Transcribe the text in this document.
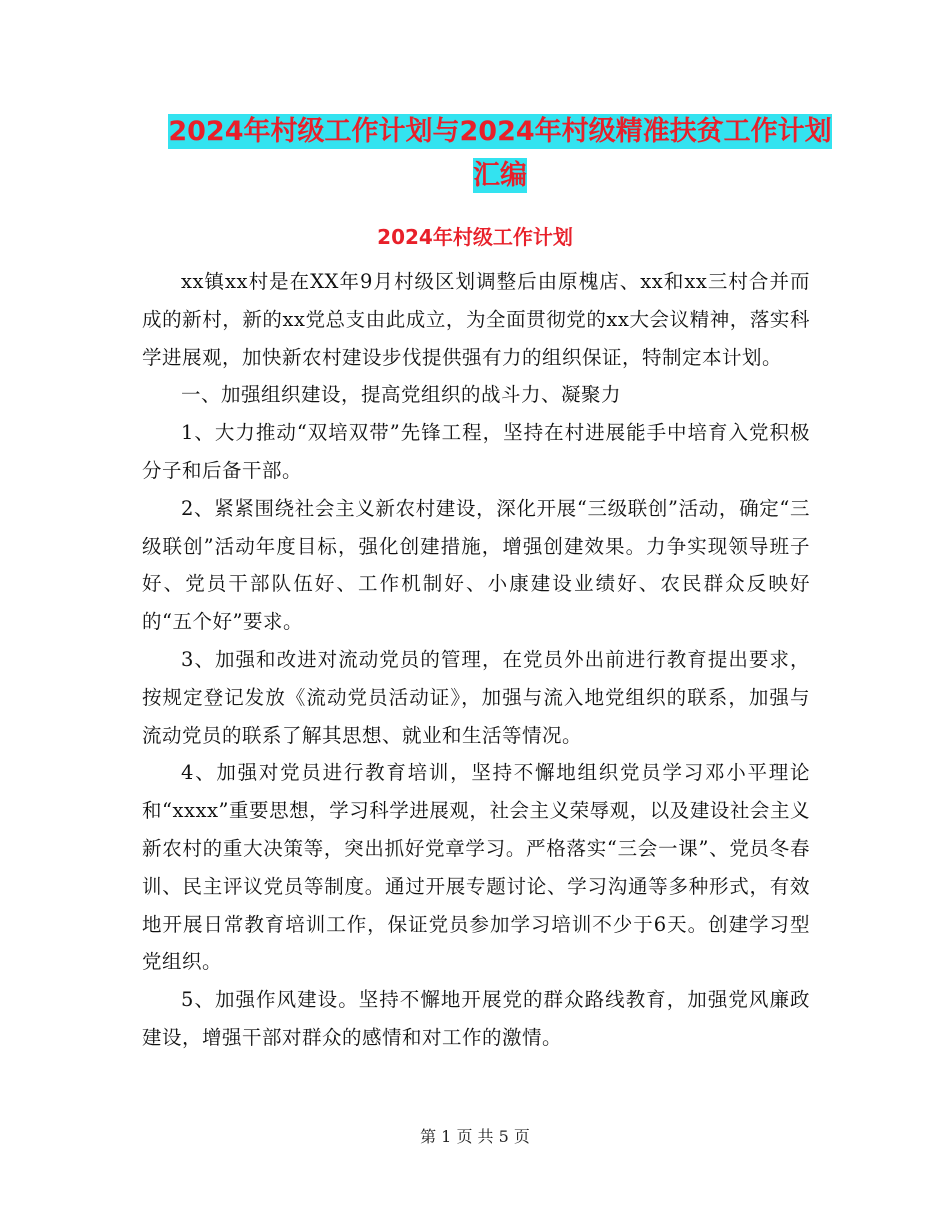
2024年村级工作计划与2024年村级精准扶贫工作计划
汇编
2024年村级工作计划

xx镇xx村是在XX年9月村级区划调整后由原槐店、xx和xx三村合并而成的新村，新的xx党总支由此成立，为全面贯彻党的xx大会议精神，落实科学进展观，加快新农村建设步伐提供强有力的组织保证，特制定本计划。

一、加强组织建设，提高党组织的战斗力、凝聚力

1、大力推动“双培双带”先锋工程，坚持在村进展能手中培育入党积极分子和后备干部。

2、紧紧围绕社会主义新农村建设，深化开展“三级联创”活动，确定“三级联创”活动年度目标，强化创建措施，增强创建效果。力争实现领导班子好、党员干部队伍好、工作机制好、小康建设业绩好、农民群众反映好的“五个好”要求。

3、加强和改进对流动党员的管理，在党员外出前进行教育提出要求，按规定登记发放《流动党员活动证》，加强与流入地党组织的联系，加强与流动党员的联系了解其思想、就业和生活等情况。

4、加强对党员进行教育培训，坚持不懈地组织党员学习邓小平理论和“xxxx”重要思想，学习科学进展观，社会主义荣辱观，以及建设社会主义新农村的重大决策等，突出抓好党章学习。严格落实“三会一课”、党员冬春训、民主评议党员等制度。通过开展专题讨论、学习沟通等多种形式，有效地开展日常教育培训工作，保证党员参加学习培训不少于6天。创建学习型党组织。

5、加强作风建设。坚持不懈地开展党的群众路线教育，加强党风廉政建设，增强干部对群众的感情和对工作的激情。

第 1 页 共 5 页
